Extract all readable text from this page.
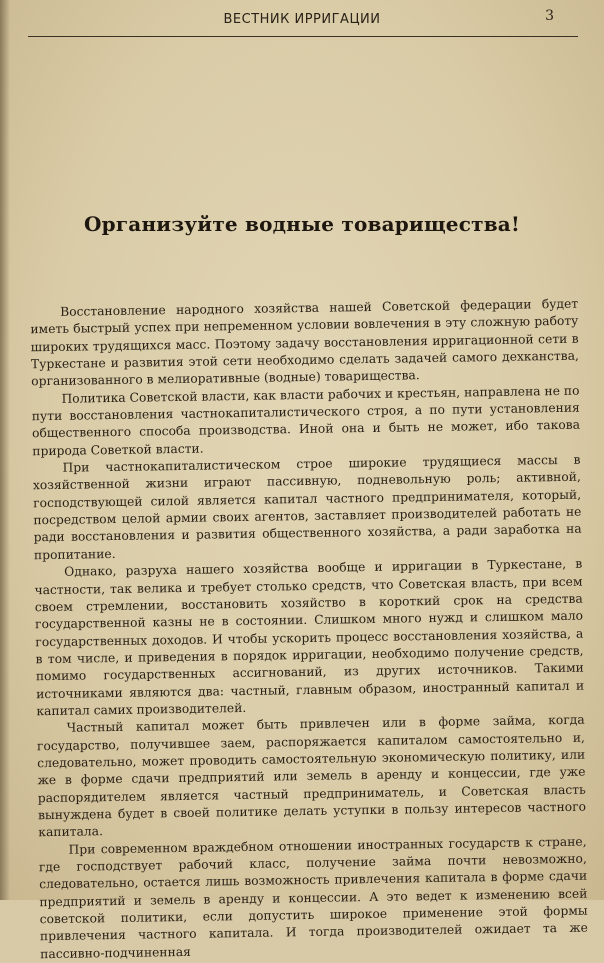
ВЕСТНИК ИРРИГАЦИИ	3
Организуйте водные товарищества!

Восстановление народного хозяйства нашей Советской федерации будет иметь быстрый успех при непременном условии вовлечения в эту сложную работу широких трудящихся масс. Поэтому задачу восстановления ирригационной сети в Туркестане и развития этой сети необходимо сделать задачей самого дехканства, организованного в мелиоративные (водные) товарищества.

Политика Советской власти, как власти рабочих и крестьян, направлена не по пути восстановления частнокапиталистического строя, а по пути установления общественного способа производства. Иной она и быть не может, ибо такова природа Советкой власти.

При частнокапиталистическом строе широкие трудящиеся массы в хозяйственной жизни играют пассивную, подневольную роль; активной, господствующей силой является капитал частного предпринимателя, который, посредством целой армии своих агентов, заставляет производителей работать не ради восстановления и развития общественного хозяйства, а ради заработка на пропитание.

Однако, разруха нашего хозяйства вообще и ирригации в Туркестане, в частности, так велика и требует столько средств, что Советская власть, при всем своем стремлении, восстановить хозяйство в короткий срок на средства государственной казны не в состоянии. Слишком много нужд и слишком мало государственных доходов. И чтобы ускорить процесс восстановления хозяйства, а в том числе, и приведения в порядок ирригации, необходимо получение средств, помимо государственных ассигнований, из других источников. Такими источниками являются два: частный, главным образом, иностранный капитал и капитал самих производителей.

Частный капитал может быть привлечен или в форме займа, когда государство, получившее заем, распоряжается капиталом самостоятельно и, следовательно, может проводить самостоятельную экономическую политику, или же в форме сдачи предприятий или земель в аренду и концессии, где уже распорядителем является частный предприниматель, и Советская власть вынуждена будет в своей политике делать уступки в пользу интересов частного капитала.

При современном враждебном отношении иностранных государств к стране, где господствует рабочий класс, получение займа почти невозможно, следовательно, остается лишь возможность привлечения капитала в форме сдачи предприятий и земель в аренду и концессии. А это ведет к изменению всей советской политики, если допустить широкое применение этой формы привлечения частного капитала. И тогда производителей ожидает та же пассивно-подчиненная
